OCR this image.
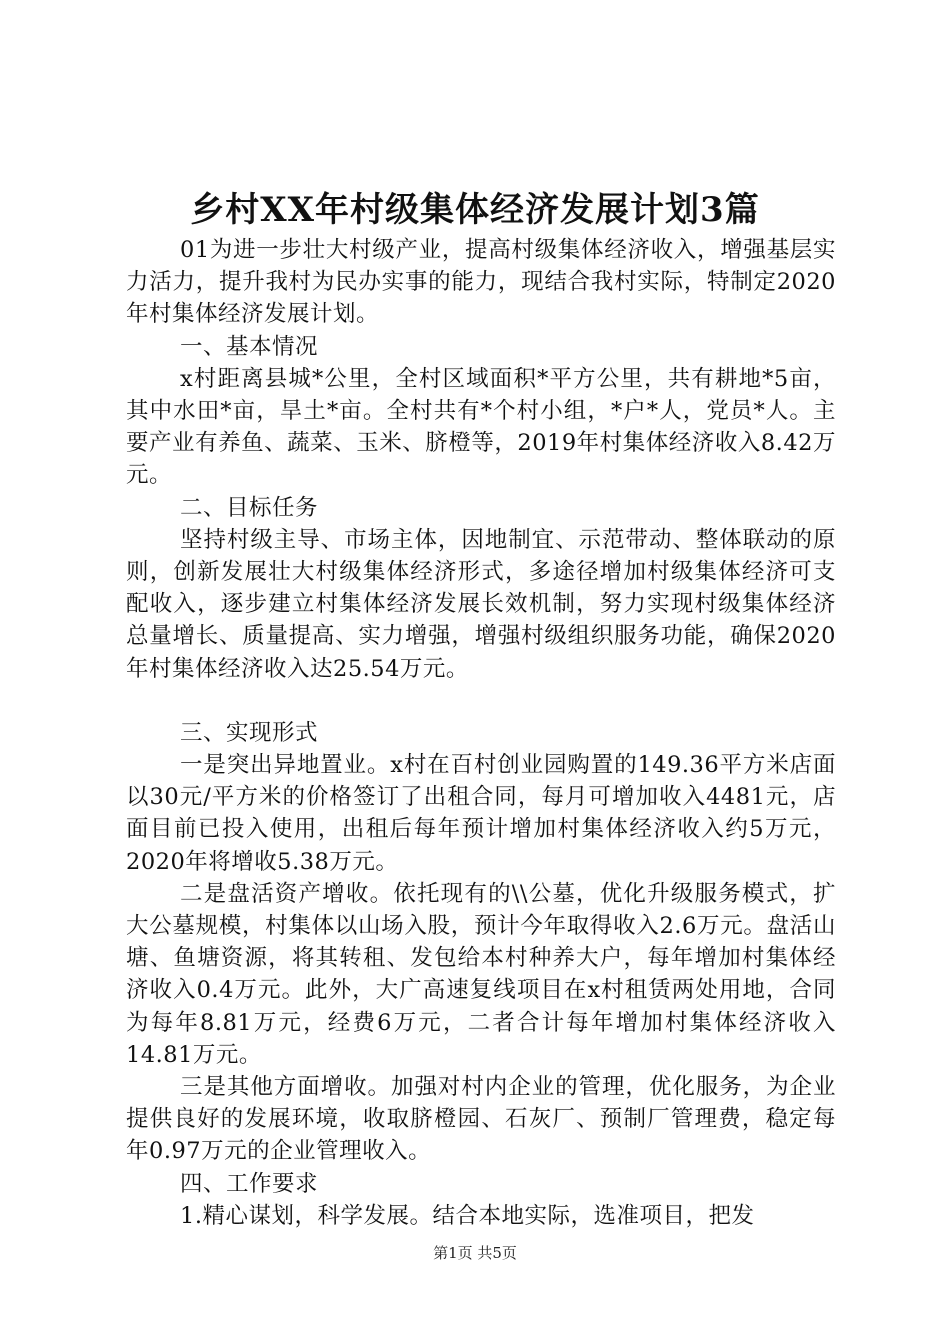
乡村XX年村级集体经济发展计划3篇

01为进一步壮大村级产业，提高村级集体经济收入，增强基层实力活力，提升我村为民办实事的能力，现结合我村实际，特制定2020年村集体经济发展计划。

一、基本情况

x村距离县城*公里，全村区域面积*平方公里，共有耕地*5亩，其中水田*亩，旱土*亩。全村共有*个村小组，*户*人，党员*人。主要产业有养鱼、蔬菜、玉米、脐橙等，2019年村集体经济收入8.42万元。

二、目标任务

坚持村级主导、市场主体，因地制宜、示范带动、整体联动的原则，创新发展壮大村级集体经济形式，多途径增加村级集体经济可支配收入，逐步建立村集体经济发展长效机制，努力实现村级集体经济总量增长、质量提高、实力增强，增强村级组织服务功能，确保2020年村集体经济收入达25.54万元。

三、实现形式

一是突出异地置业。x村在百村创业园购置的149.36平方米店面以30元/平方米的价格签订了出租合同，每月可增加收入4481元，店面目前已投入使用，出租后每年预计增加村集体经济收入约5万元，2020年将增收5.38万元。

二是盘活资产增收。依托现有的\\公墓，优化升级服务模式，扩大公墓规模，村集体以山场入股，预计今年取得收入2.6万元。盘活山塘、鱼塘资源，将其转租、发包给本村种养大户，每年增加村集体经济收入0.4万元。此外，大广高速复线项目在x村租赁两处用地，合同为每年8.81万元，经费6万元，二者合计每年增加村集体经济收入14.81万元。

三是其他方面增收。加强对村内企业的管理，优化服务，为企业提供良好的发展环境，收取脐橙园、石灰厂、预制厂管理费，稳定每年0.97万元的企业管理收入。

四、工作要求

1.精心谋划，科学发展。结合本地实际，选准项目，把发

第1页 共5页
